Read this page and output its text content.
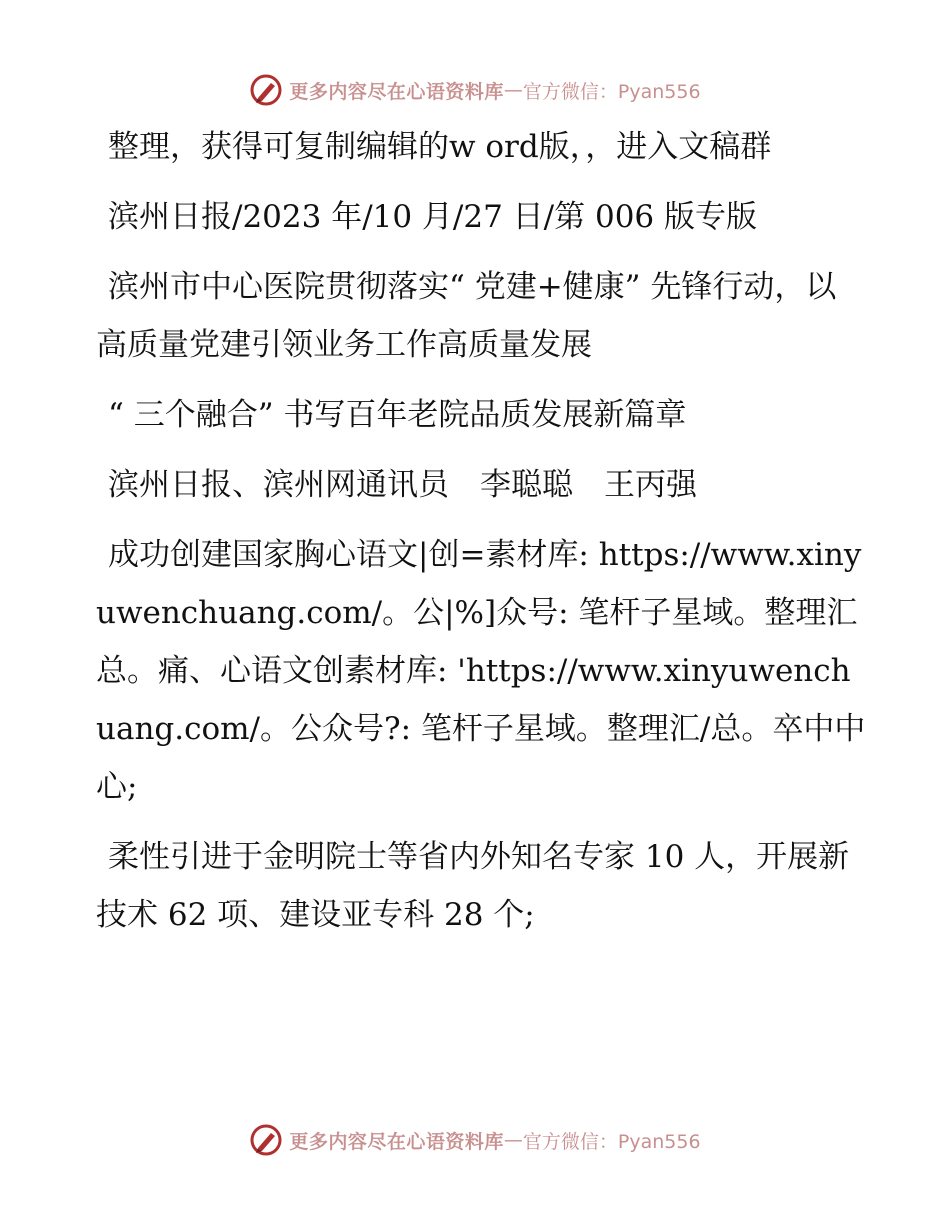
更多内容尽在心语资料库 — 官方微信：Pyan556

整理，获得可复制编辑的w ord版，，进入文稿群

滨州日报/2023 年/10 月/27 日/第 006 版专版

滨州市中心医院贯彻落实“ 党建+健康” 先锋行动，以高质量党建引领业务工作高质量发展

“ 三个融合” 书写百年老院品质发展新篇章

滨州日报、滨州网通讯员　李聪聪　王丙强

成功创建国家胸心语文|创=素材库: https://www.xinyuwenchuang.com/。公|%]众号: 笔杆子星域。整理汇总。痛、心语文创素材库: 'https://www.xinyuwenchuang.com/。公众号?: 笔杆子星域。整理汇/总。卒中中心;

柔性引进于金明院士等省内外知名专家 10 人，开展新技术 62 项、建设亚专科 28 个;

更多内容尽在心语资料库 — 官方微信：Pyan556
